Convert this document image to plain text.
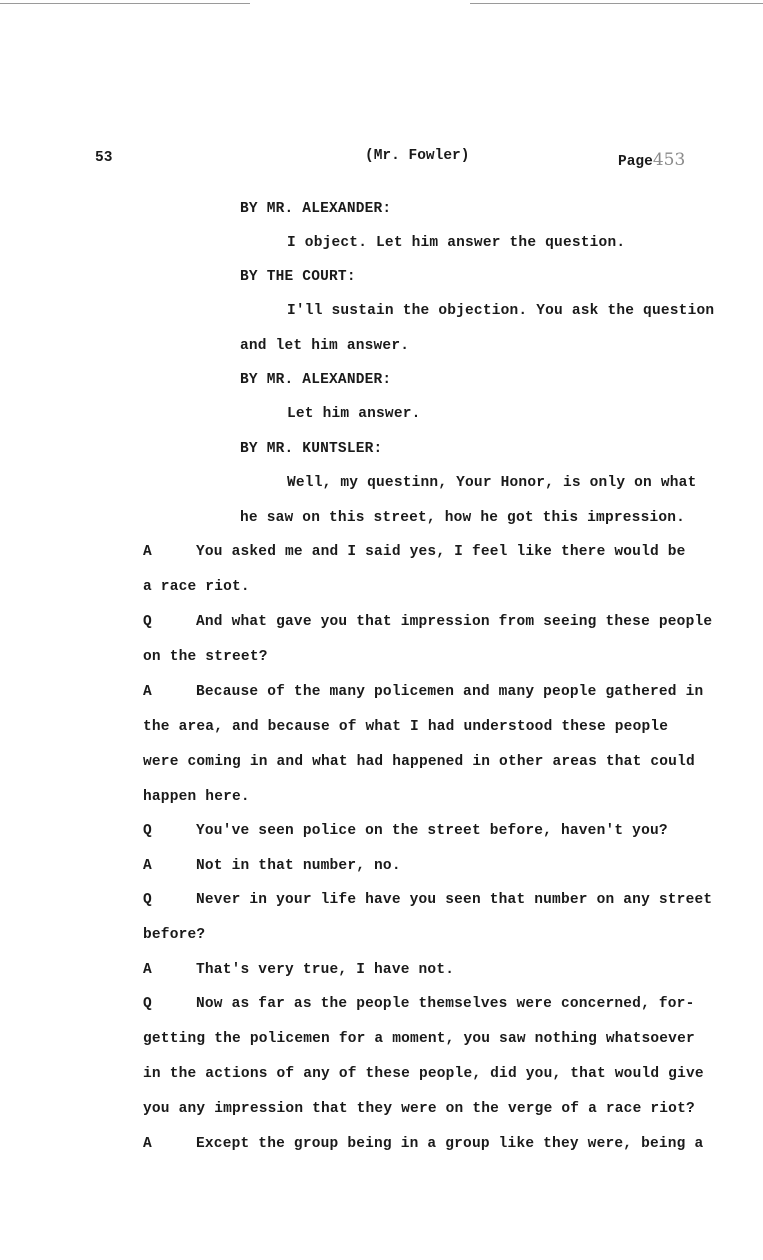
53	(Mr. Fowler)	Page453
BY MR. ALEXANDER:
I object. Let him answer the question.
BY THE COURT:
I'll sustain the objection. You ask the question
and let him answer.
BY MR. ALEXANDER:
Let him answer.
BY MR. KUNTSLER:
Well, my questinn, Your Honor, is only on what
he saw on this street, how he got this impression.
A	You asked me and I said yes, I feel like there would be
a race riot.
Q	And what gave you that impression from seeing these people
on the street?
A	Because of the many policemen and many people gathered in
the area, and because of what I had understood these people
were coming in and what had happened in other areas that could
happen here.
Q	You've seen police on the street before, haven't you?
A	Not in that number, no.
Q	Never in your life have you seen that number on any street
before?
A	That's very true, I have not.
Q	Now as far as the people themselves were concerned, for-
getting the policemen for a moment, you saw nothing whatsoever
in the actions of any of these people, did you, that would give
you any impression that they were on the verge of a race riot?
A	Except the group being in a group like they were, being a
